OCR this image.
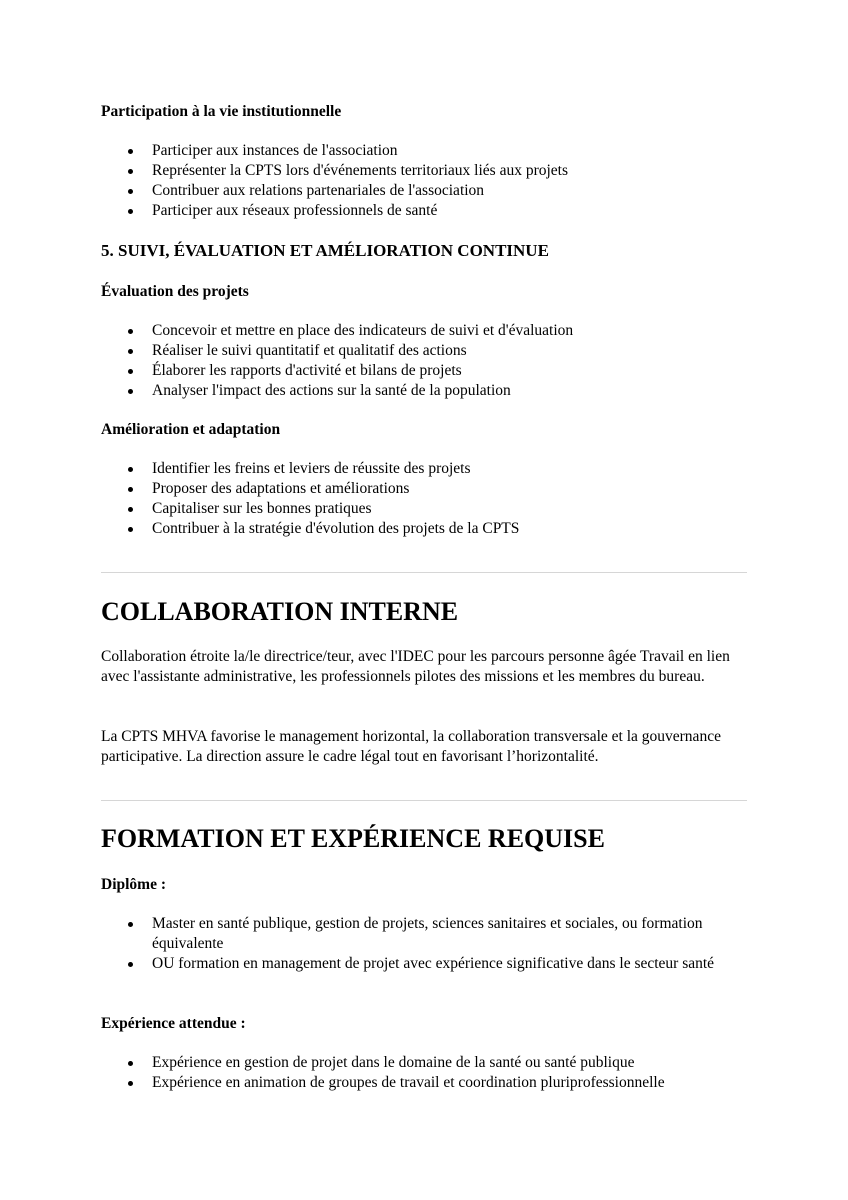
Participation à la vie institutionnelle
Participer aux instances de l'association
Représenter la CPTS lors d'événements territoriaux liés aux projets
Contribuer aux relations partenariales de l'association
Participer aux réseaux professionnels de santé
5. SUIVI, ÉVALUATION ET AMÉLIORATION CONTINUE
Évaluation des projets
Concevoir et mettre en place des indicateurs de suivi et d'évaluation
Réaliser le suivi quantitatif et qualitatif des actions
Élaborer les rapports d'activité et bilans de projets
Analyser l'impact des actions sur la santé de la population
Amélioration et adaptation
Identifier les freins et leviers de réussite des projets
Proposer des adaptations et améliorations
Capitaliser sur les bonnes pratiques
Contribuer à la stratégie d'évolution des projets de la CPTS
COLLABORATION INTERNE
Collaboration étroite la/le directrice/teur, avec l'IDEC pour les parcours personne âgée Travail en lien avec l'assistante administrative, les professionnels pilotes des missions et les membres du bureau.
La CPTS MHVA favorise le management horizontal, la collaboration transversale et la gouvernance participative. La direction assure le cadre légal tout en favorisant l’horizontalité.
FORMATION ET EXPÉRIENCE REQUISE
Diplôme :
Master en santé publique, gestion de projets, sciences sanitaires et sociales, ou formation équivalente
OU formation en management de projet avec expérience significative dans le secteur santé
Expérience attendue :
Expérience en gestion de projet dans le domaine de la santé ou santé publique
Expérience en animation de groupes de travail et coordination pluriprofessionnelle
